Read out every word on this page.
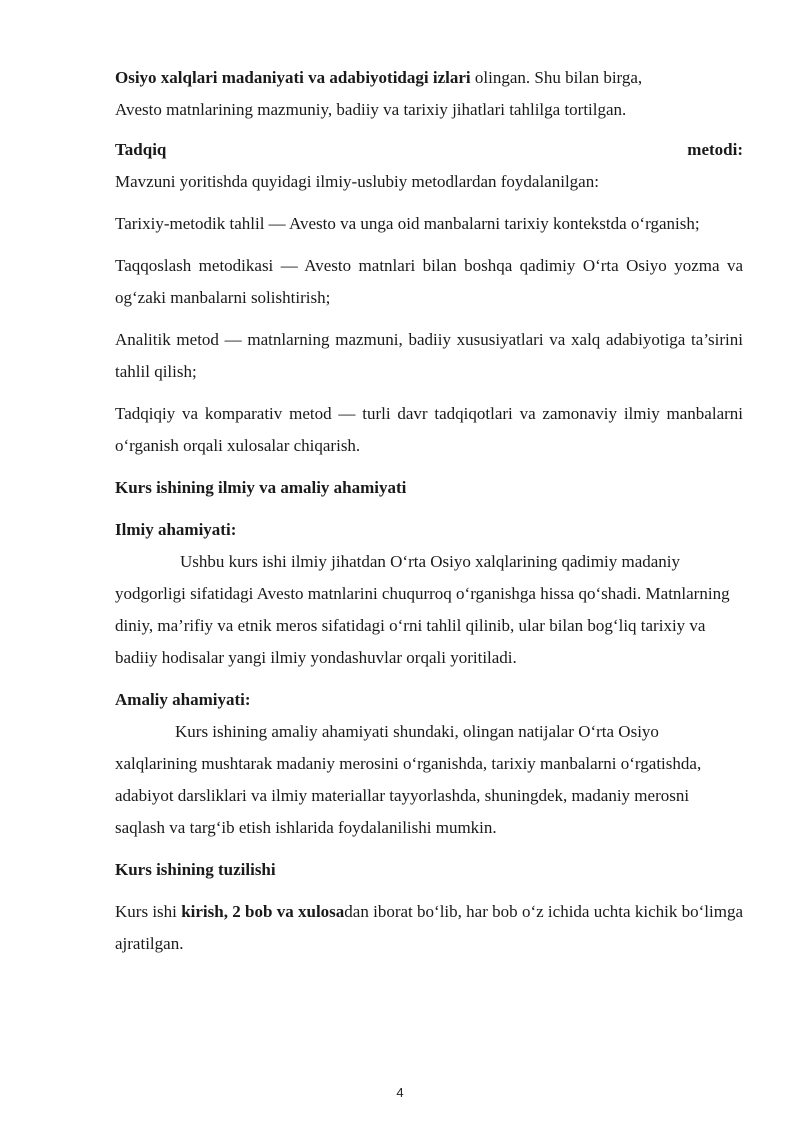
Osiyo xalqlari madaniyati va adabiyotidagi izlari olingan. Shu bilan birga,
Avesto matnlarining mazmuniy, badiiy va tarixiy jihatlari tahlilga tortilgan.

Tadqiq	metodi:

Mavzuni yoritishda quyidagi ilmiy-uslubiy metodlardan foydalanilgan:

Tarixiy-metodik tahlil — Avesto va unga oid manbalarni tarixiy kontekstda o‘rganish;

Taqqoslash metodikasi — Avesto matnlari bilan boshqa qadimiy O‘rta Osiyo yozma va og‘zaki manbalarni solishtirish;

Analitik metod — matnlarning mazmuni, badiiy xususiyatlari va xalq adabiyotiga ta’sirini tahlil qilish;

Tadqiqiy va komparativ metod — turli davr tadqiqotlari va zamonaviy ilmiy manbalarni o‘rganish orqali xulosalar chiqarish.

Kurs ishining ilmiy va amaliy ahamiyati

Ilmiy ahamiyati:

Ushbu kurs ishi ilmiy jihatdan O‘rta Osiyo xalqlarining qadimiy madaniy yodgorligi sifatidagi Avesto matnlarini chuqurroq o‘rganishga hissa qo‘shadi. Matnlarning diniy, ma’rifiy va etnik meros sifatidagi o‘rni tahlil qilinib, ular bilan bog‘liq tarixiy va badiiy hodisalar yangi ilmiy yondashuvlar orqali yoritiladi.

Amaliy ahamiyati:

Kurs ishining amaliy ahamiyati shundaki, olingan natijalar O‘rta Osiyo xalqlarining mushtarak madaniy merosini o‘rganishda, tarixiy manbalarni o‘rgatishda, adabiyot darsliklari va ilmiy materiallar tayyorlashda, shuningdek, madaniy merosni saqlash va targ‘ib etish ishlarida foydalanilishi mumkin.

Kurs ishining tuzilishi

Kurs ishi kirish, 2 bob va xulosadan iborat bo‘lib, har bob o‘z ichida uchta kichik bo‘limga ajratilgan.

4
